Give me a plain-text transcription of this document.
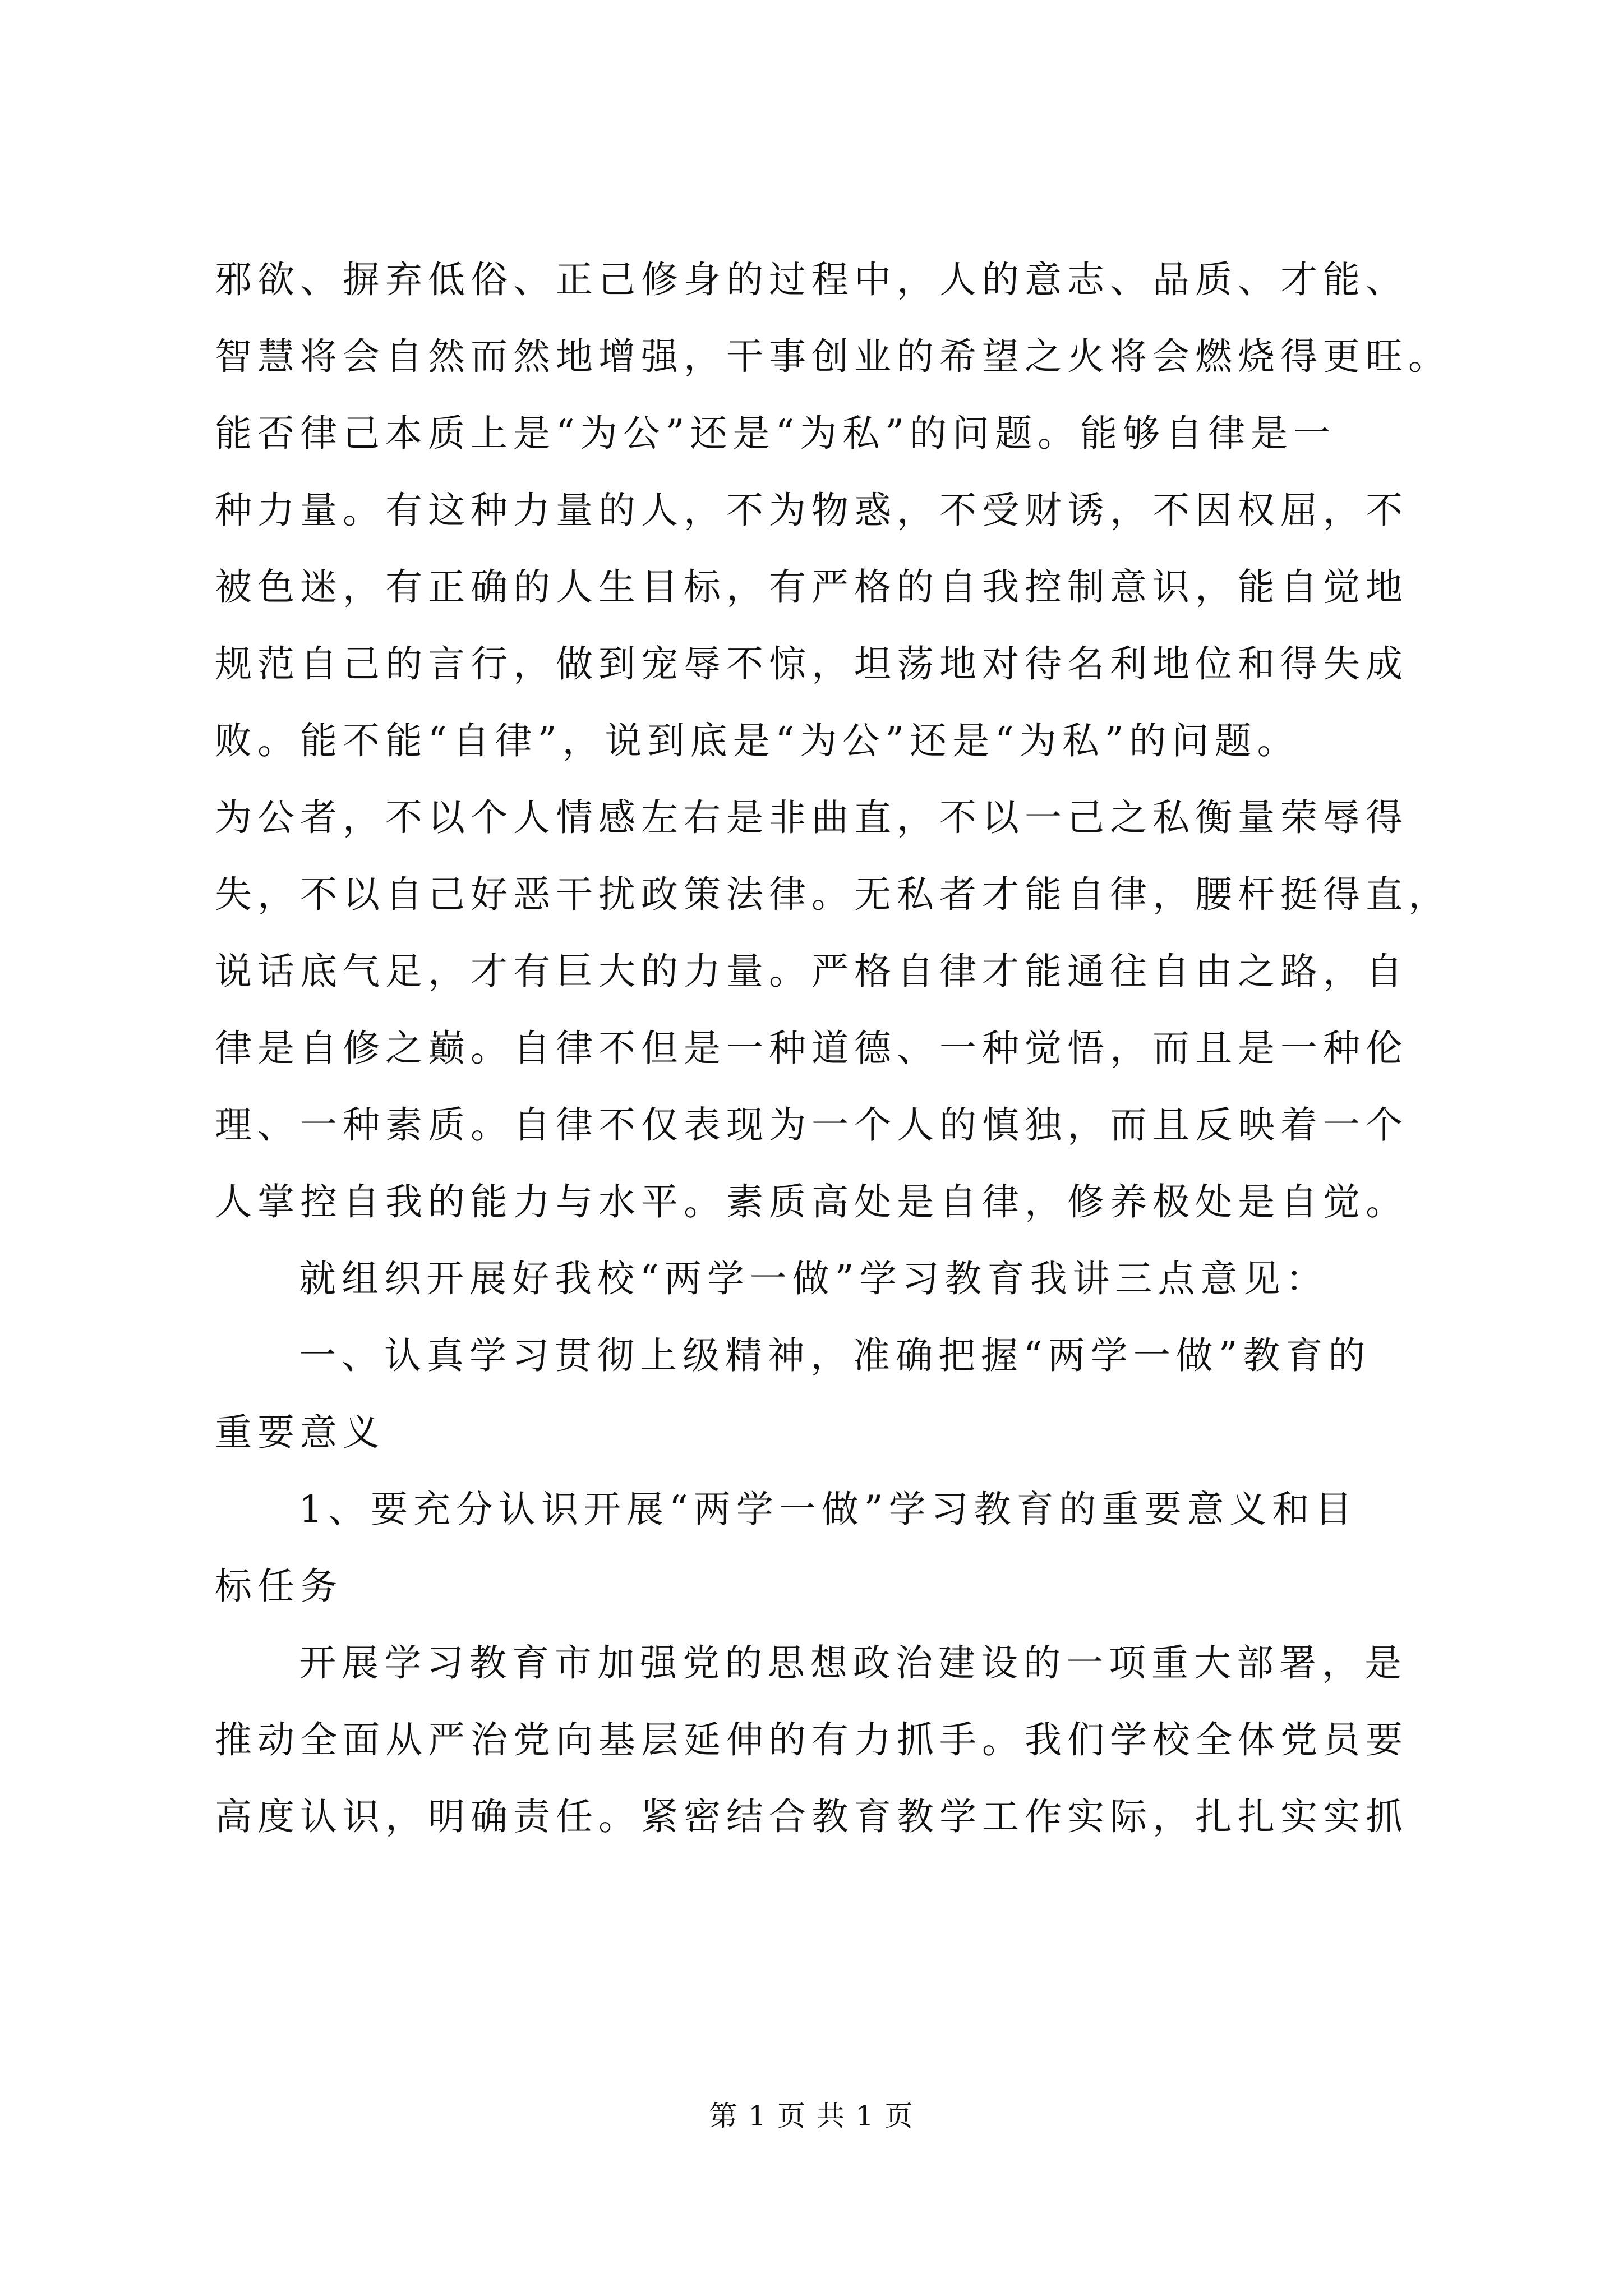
邪欲、摒弃低俗、正己修身的过程中，人的意志、品质、才能、
智慧将会自然而然地增强，干事创业的希望之火将会燃烧得更旺。
能否律己本质上是“为公”还是“为私”的问题。能够自律是一
种力量。有这种力量的人，不为物惑，不受财诱，不因权屈，不
被色迷，有正确的人生目标，有严格的自我控制意识，能自觉地
规范自己的言行，做到宠辱不惊，坦荡地对待名利地位和得失成
败。能不能“自律”，说到底是“为公”还是“为私”的问题。
为公者，不以个人情感左右是非曲直，不以一己之私衡量荣辱得
失，不以自己好恶干扰政策法律。无私者才能自律，腰杆挺得直，
说话底气足，才有巨大的力量。严格自律才能通往自由之路，自
律是自修之巅。自律不但是一种道德、一种觉悟，而且是一种伦
理、一种素质。自律不仅表现为一个人的慎独，而且反映着一个
人掌控自我的能力与水平。素质高处是自律，修养极处是自觉。
就组织开展好我校“两学一做”学习教育我讲三点意见：
一、认真学习贯彻上级精神，准确把握“两学一做”教育的
重要意义
1、要充分认识开展“两学一做”学习教育的重要意义和目
标任务
开展学习教育市加强党的思想政治建设的一项重大部署，是
推动全面从严治党向基层延伸的有力抓手。我们学校全体党员要
高度认识，明确责任。紧密结合教育教学工作实际，扎扎实实抓
第 1 页 共 1 页
